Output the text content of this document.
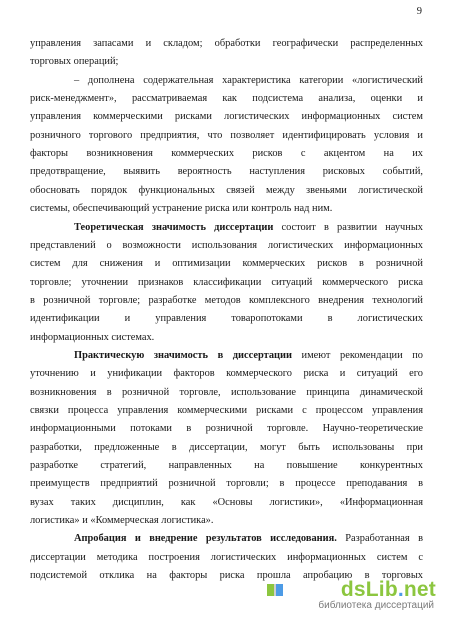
9
управления запасами и складом; обработки географически распределенных
торговых операций;
– дополнена содержательная характеристика категории «логистический
риск-менеджмент», рассматриваемая как подсистема анализа, оценки и
управления коммерческими рисками логистических информационных систем
розничного торгового предприятия, что позволяет идентифицировать условия и
факторы возникновения коммерческих рисков с акцентом на их
предотвращение, выявить вероятность наступления рисковых событий,
обосновать порядок функциональных связей между звеньями логистической
системы, обеспечивающий устранение риска или контроль над ним.
Теоретическая значимость диссертации состоит в развитии научных
представлений о возможности использования логистических информационных
систем для снижения и оптимизации коммерческих рисков в розничной
торговле; уточнении признаков классификации ситуаций коммерческого риска
в розничной торговле; разработке методов комплексного внедрения технологий
идентификации и управления товаропотоками в логистических
информационных системах.
Практическую значимость в диссертации имеют рекомендации по
уточнению и унификации факторов коммерческого риска и ситуаций его
возникновения в розничной торговле, использование принципа динамической
связки процесса управления коммерческими рисками с процессом управления
информационными потоками в розничной торговле. Научно-теоретические
разработки, предложенные в диссертации, могут быть использованы при
разработке стратегий, направленных на повышение конкурентных
преимуществ предприятий розничной торговли; в процессе преподавания в
вузах таких дисциплин, как «Основы логистики», «Информационная
логистика» и «Коммерческая логистика».
Апробация и внедрение результатов исследования. Разработанная в
диссертации методика построения логистических информационных систем с
подсистемой отклика на факторы риска прошла апробацию в торговых
dsLib.net
библиотека диссертаций
